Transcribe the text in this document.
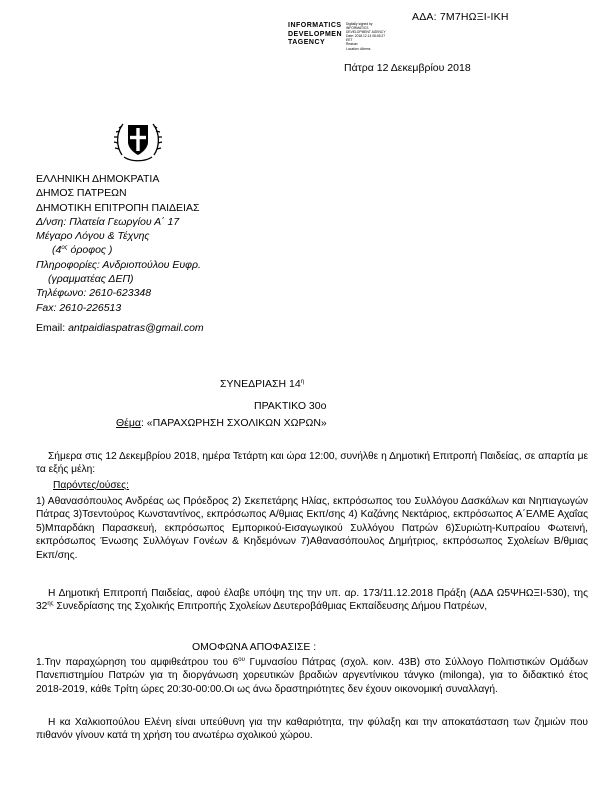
ΑΔΑ: 7Μ7ΗΩΞΙ-ΙΚΗ
INFORMATICS
DEVELOPMEN
TAGENCY
Digitally signed by
INFORMATICS
DEVELOPMENT AGENCY
Date: 2018.12.14 08:45:27
EET
Reason:
Location: Athens
Πάτρα 12 Δεκεμβρίου 2018
ΕΛΛΗΝΙΚΗ ΔΗΜΟΚΡΑΤΙΑ
ΔΗΜΟΣ ΠΑΤΡΕΩΝ
ΔΗΜΟΤΙΚΗ ΕΠΙΤΡΟΠΗ ΠΑΙΔΕΙΑΣ
Δ/νση: Πλατεία Γεωργίου Α΄ 17
Μέγαρο Λόγου & Τέχνης
($4^{o\varsigma}$ όροφος )
Πληροφορίες: Ανδριοπούλου Ευφρ.
(γραμματέας ΔΕΠ)
Τηλέφωνο: 2610-623348
Fax: 2610-226513
Email: antpaidiaspatras@gmail.com
ΣΥΝΕΔΡΙΑΣΗ $14^\eta$
ΠΡΑΚΤΙΚΟ 30ο
Θέμα: «ΠΑΡΑΧΩΡΗΣΗ ΣΧΟΛΙΚΩΝ ΧΩΡΩΝ»
Σήμερα στις 12 Δεκεμβρίου 2018, ημέρα Τετάρτη και ώρα 12:00, συνήλθε η Δημοτική Επιτροπή Παιδείας, σε απαρτία με τα εξής μέλη:
Παρόντες/ούσες:
1) Αθανασόπουλος Ανδρέας ως Πρόεδρος 2) Σκεπετάρης Ηλίας, εκπρόσωπος του Συλλόγου Δασκάλων και Νηπιαγωγών Πάτρας 3)Τσεντούρος Κωνσταντίνος, εκπρόσωπος Α/θμιας Εκπ/σης 4) Καζάνης Νεκτάριος, εκπρόσωπος Α΄ΕΛΜΕ Αχαΐας 5)Μπαρδάκη Παρασκευή, εκπρόσωπος Εμπορικού-Εισαγωγικού Συλλόγου Πατρών 6)Συριώτη-Κυπραίου Φωτεινή, εκπρόσωπος Ένωσης Συλλόγων Γονέων & Κηδεμόνων 7)Αθανασόπουλος Δημήτριος, εκπρόσωπος Σχολείων Β/θμιας Εκπ/σης.
Η Δημοτική Επιτροπή Παιδείας, αφού έλαβε υπόψη της την υπ. αρ. 173/11.12.2018 Πράξη (ΑΔΑ Ω5ΨΗΩΞΙ-530), της $32^{\eta\varsigma}$ Συνεδρίασης της Σχολικής Επιτροπής Σχολείων Δευτεροβάθμιας Εκπαίδευσης Δήμου Πατρέων,
ΟΜΟΦΩΝΑ ΑΠΟΦΑΣΙΣΕ :
1.Την παραχώρηση του αμφιθεάτρου του $6^{o\upsilon}$ Γυμνασίου Πάτρας (σχολ. κοιν. 43Β) στο Σύλλογο Πολιτιστικών Ομάδων Πανεπιστημίου Πατρών για τη διοργάνωση χορευτικών βραδιών αργεντίνικου τάνγκο (milonga), για το διδακτικό έτος 2018-2019, κάθε Τρίτη ώρες 20:30-00:00.Οι ως άνω δραστηριότητες δεν έχουν οικονομική συναλλαγή.
Η κα Χαλκιοπούλου Ελένη είναι υπεύθυνη για την καθαριότητα, την φύλαξη και την αποκατάσταση των ζημιών που πιθανόν γίνουν κατά τη χρήση του ανωτέρω σχολικού χώρου.
